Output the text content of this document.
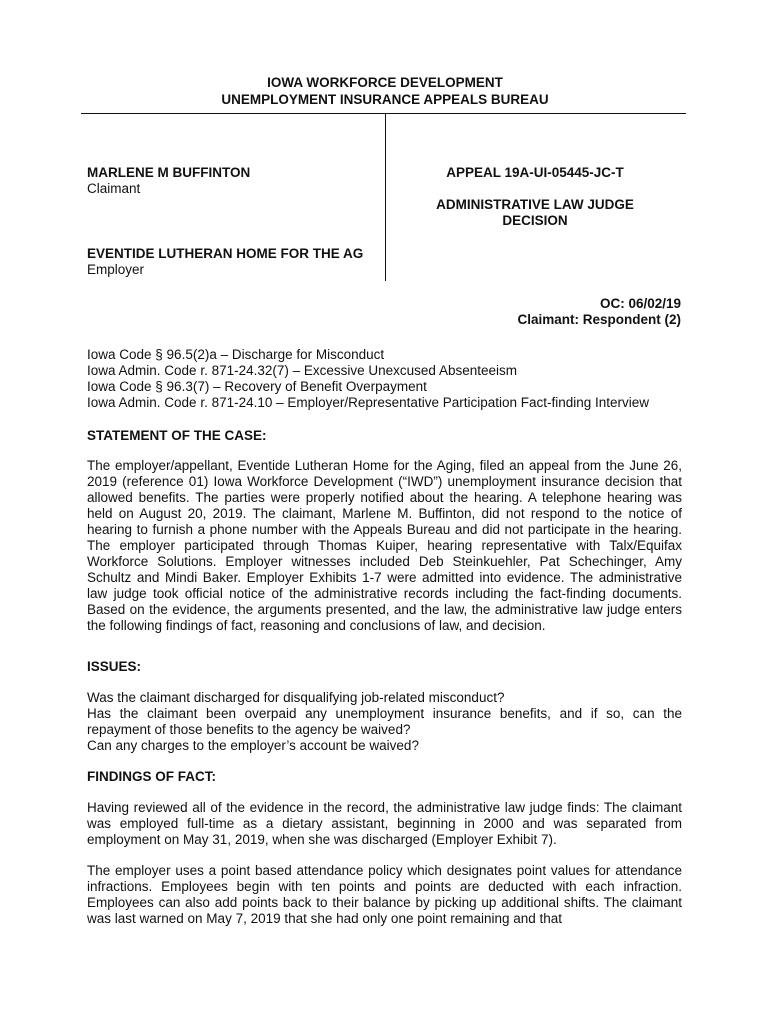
IOWA WORKFORCE DEVELOPMENT
UNEMPLOYMENT INSURANCE APPEALS BUREAU
MARLENE M BUFFINTON
Claimant
EVENTIDE LUTHERAN HOME FOR THE AG
Employer
APPEAL 19A-UI-05445-JC-T
ADMINISTRATIVE LAW JUDGE
DECISION
OC: 06/02/19
Claimant: Respondent (2)
Iowa Code § 96.5(2)a – Discharge for Misconduct
Iowa Admin. Code r. 871-24.32(7) – Excessive Unexcused Absenteeism
Iowa Code § 96.3(7) – Recovery of Benefit Overpayment
Iowa Admin. Code r. 871-24.10 – Employer/Representative Participation Fact-finding Interview
STATEMENT OF THE CASE:

The employer/appellant, Eventide Lutheran Home for the Aging, filed an appeal from the June 26, 2019 (reference 01) Iowa Workforce Development (“IWD”) unemployment insurance decision that allowed benefits. The parties were properly notified about the hearing. A telephone hearing was held on August 20, 2019. The claimant, Marlene M. Buffinton, did not respond to the notice of hearing to furnish a phone number with the Appeals Bureau and did not participate in the hearing. The employer participated through Thomas Kuiper, hearing representative with Talx/Equifax Workforce Solutions. Employer witnesses included Deb Steinkuehler, Pat Schechinger, Amy Schultz and Mindi Baker. Employer Exhibits 1-7 were admitted into evidence. The administrative law judge took official notice of the administrative records including the fact-finding documents. Based on the evidence, the arguments presented, and the law, the administrative law judge enters the following findings of fact, reasoning and conclusions of law, and decision.

ISSUES:
Was the claimant discharged for disqualifying job-related misconduct?
Has the claimant been overpaid any unemployment insurance benefits, and if so, can the repayment of those benefits to the agency be waived?
Can any charges to the employer’s account be waived?
FINDINGS OF FACT:

Having reviewed all of the evidence in the record, the administrative law judge finds: The claimant was employed full-time as a dietary assistant, beginning in 2000 and was separated from employment on May 31, 2019, when she was discharged (Employer Exhibit 7).

The employer uses a point based attendance policy which designates point values for attendance infractions. Employees begin with ten points and points are deducted with each infraction. Employees can also add points back to their balance by picking up additional shifts. The claimant was last warned on May 7, 2019 that she had only one point remaining and that
